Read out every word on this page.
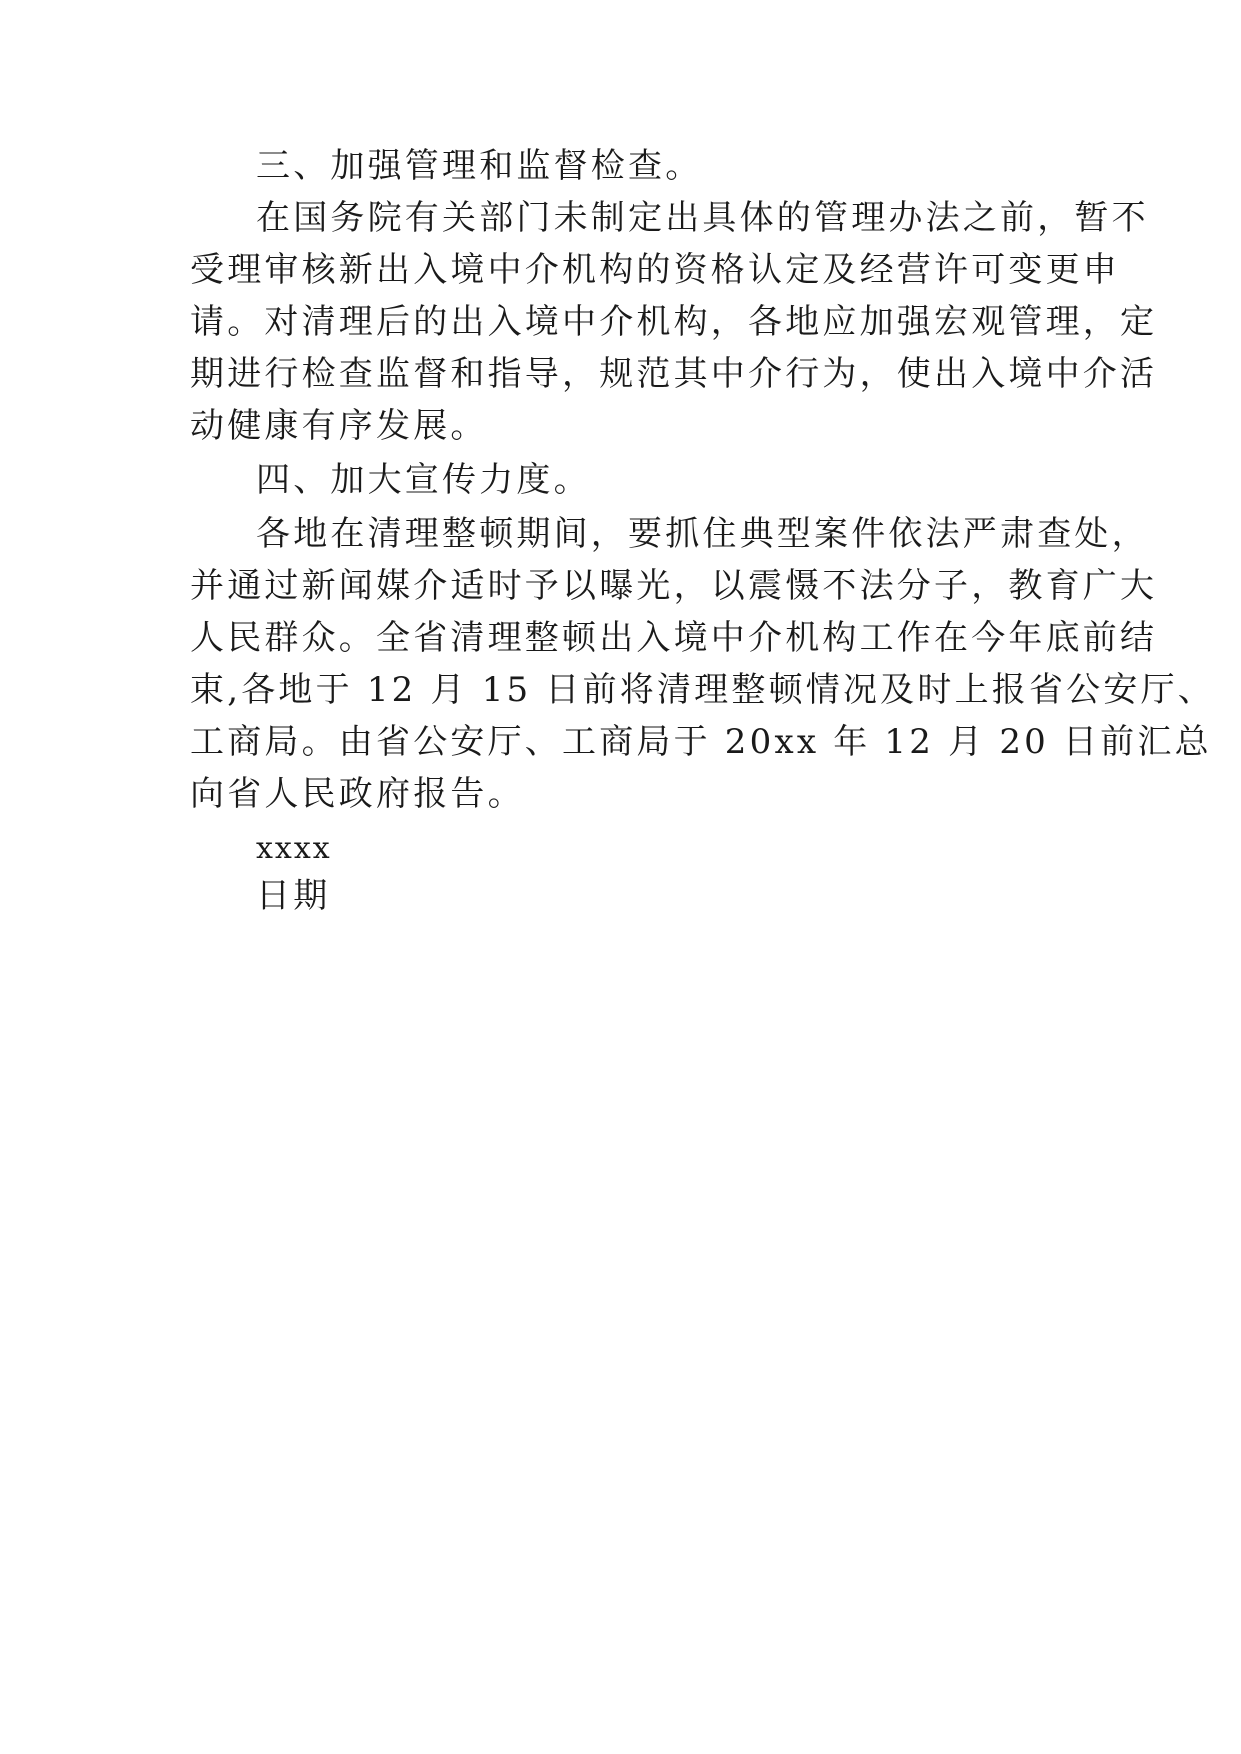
三、加强管理和监督检查。
在国务院有关部门未制定出具体的管理办法之前，暂不
受理审核新出入境中介机构的资格认定及经营许可变更申
请。对清理后的出入境中介机构，各地应加强宏观管理，定
期进行检查监督和指导，规范其中介行为，使出入境中介活
动健康有序发展。
四、加大宣传力度。
各地在清理整顿期间，要抓住典型案件依法严肃查处，
并通过新闻媒介适时予以曝光，以震慑不法分子，教育广大
人民群众。全省清理整顿出入境中介机构工作在今年底前结
束,各地于 12 月 15 日前将清理整顿情况及时上报省公安厅、
工商局。由省公安厅、工商局于 20xx 年 12 月 20 日前汇总
向省人民政府报告。
xxxx
日期
